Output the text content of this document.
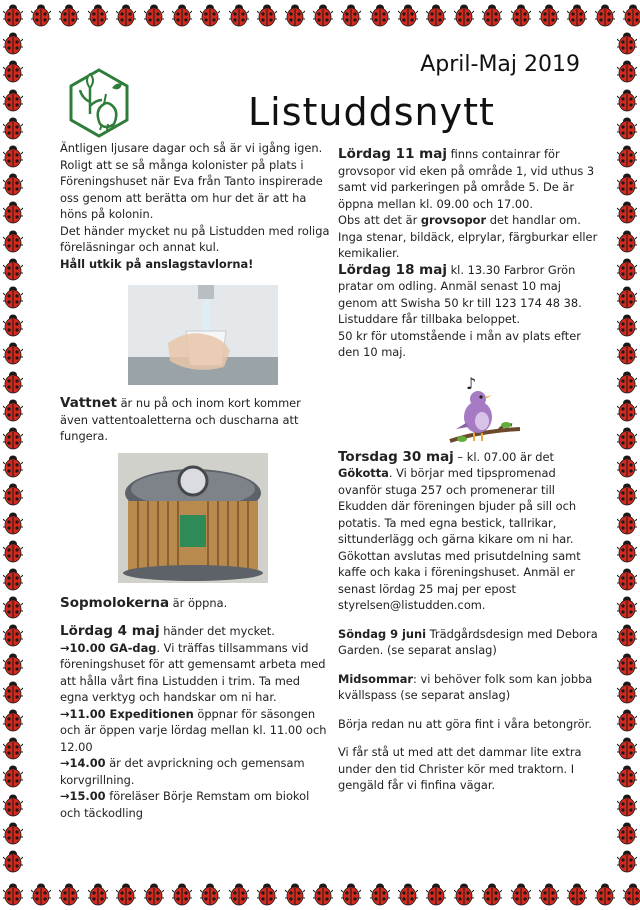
April-Maj 2019
Listuddsnytt

Äntligen ljusare dagar och så är vi igång igen. Roligt att se så många kolonister på plats i Föreningshuset när Eva från Tanto inspirerade oss genom att berätta om hur det är att ha höns på kolonin.

Det händer mycket nu på Listudden med roliga föreläsningar och annat kul.

Håll utkik på anslagstavlorna!

Vattnet är nu på och inom kort kommer även vattentoaletterna och duscharna att fungera.

Sopmolokerna är öppna.

Lördag 4 maj händer det mycket.

→10.00 GA-dag. Vi träffas tillsammans vid föreningshuset för att gemensamt arbeta med att hålla vårt fina Listudden i trim. Ta med egna verktyg och handskar om ni har.

→11.00 Expeditionen öppnar för säsongen och är öppen varje lördag mellan kl. 11.00 och 12.00

→14.00 är det avprickning och gemensam korvgrillning.

→15.00 föreläser Börje Remstam om biokol och täckodling

Lördag 11 maj finns containrar för grovsopor vid eken på område 1, vid uthus 3 samt vid parkeringen på område 5. De är öppna mellan kl. 09.00 och 17.00.

Obs att det är grovsopor det handlar om. Inga stenar, bildäck, elprylar, färgburkar eller kemikalier.

Lördag 18 maj kl. 13.30 Farbror Grön pratar om odling. Anmäl senast 10 maj genom att Swisha 50 kr till 123 174 48 38. Listuddare får tillbaka beloppet.

50 kr för utomstående i mån av plats efter den 10 maj.

Torsdag 30 maj – kl. 07.00 är det Gökotta. Vi börjar med tipspromenad ovanför stuga 257 och promenerar till Ekudden där föreningen bjuder på sill och potatis. Ta med egna bestick, tallrikar, sittunderlägg och gärna kikare om ni har. Gökottan avslutas med prisutdelning samt kaffe och kaka i föreningshuset. Anmäl er senast lördag 25 maj per epost styrelsen@listudden.com.

Söndag 9 juni Trädgårdsdesign med Debora Garden. (se separat anslag)

Midsommar: vi behöver folk som kan jobba kvällspass (se separat anslag)

Börja redan nu att göra fint i våra betongrör.

Vi får stå ut med att det dammar lite extra under den tid Christer kör med traktorn. I gengäld får vi finfina vägar.

♪
